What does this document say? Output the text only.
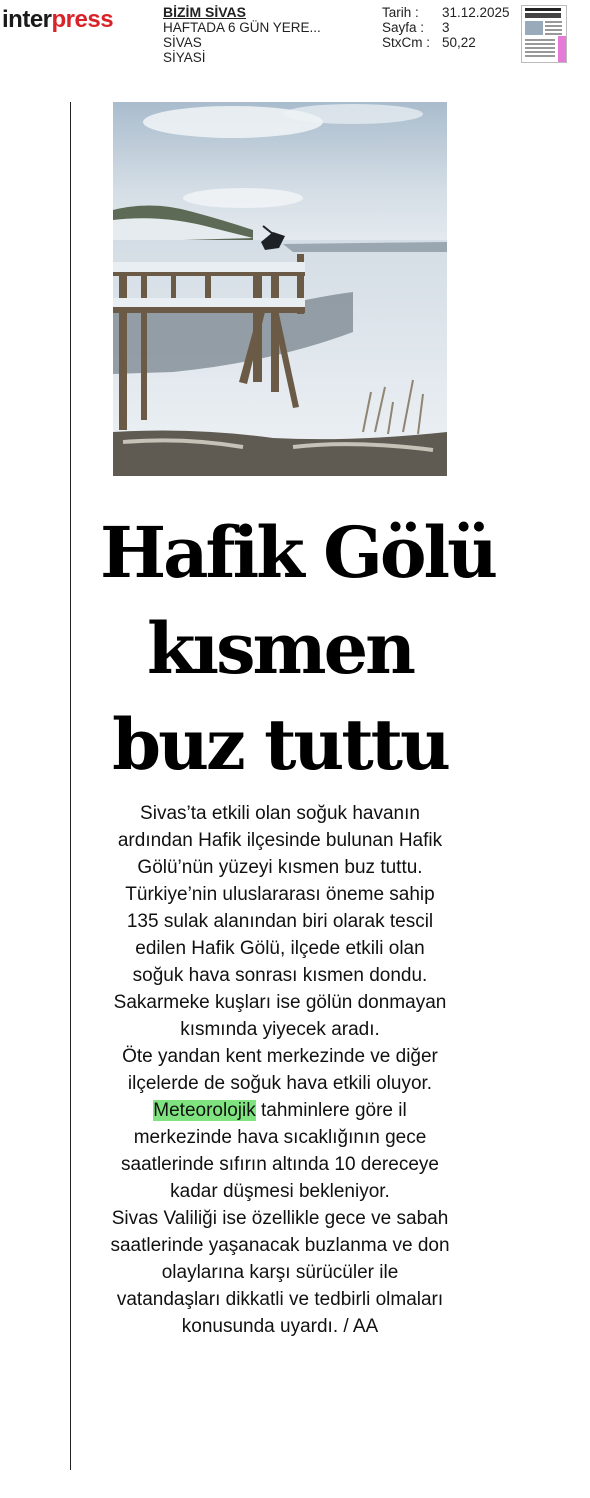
interpress	BİZİM SİVAS
HAFTADA 6 GÜN YERE...
SİVAS
SİYASİ
Tarih :	31.12.2025
Sayfa :	3
StxCm : 50,22
Hafik Gölü
kısmen
buz tuttu
Sivas’ta etkili olan soğuk havanın ardından Hafik ilçesinde bulunan Hafik Gölü’nün yüzeyi kısmen buz tuttu.
Türkiye’nin uluslararası öneme sahip 135 sulak alanından biri olarak tescil edilen Hafik Gölü, ilçede etkili olan soğuk hava sonrası kısmen dondu.
Sakarmeke kuşları ise gölün donmayan kısmında yiyecek aradı.
Öte yandan kent merkezinde ve diğer ilçelerde de soğuk hava etkili oluyor.
Meteorolojik tahminlere göre il merkezinde hava sıcaklığının gece saatlerinde sıfırın altında 10 dereceye kadar düşmesi bekleniyor.
Sivas Valiliği ise özellikle gece ve sabah saatlerinde yaşanacak buzlanma ve don olaylarına karşı sürücüler ile vatandaşları dikkatli ve tedbirli olmaları konusunda uyardı. / AA
